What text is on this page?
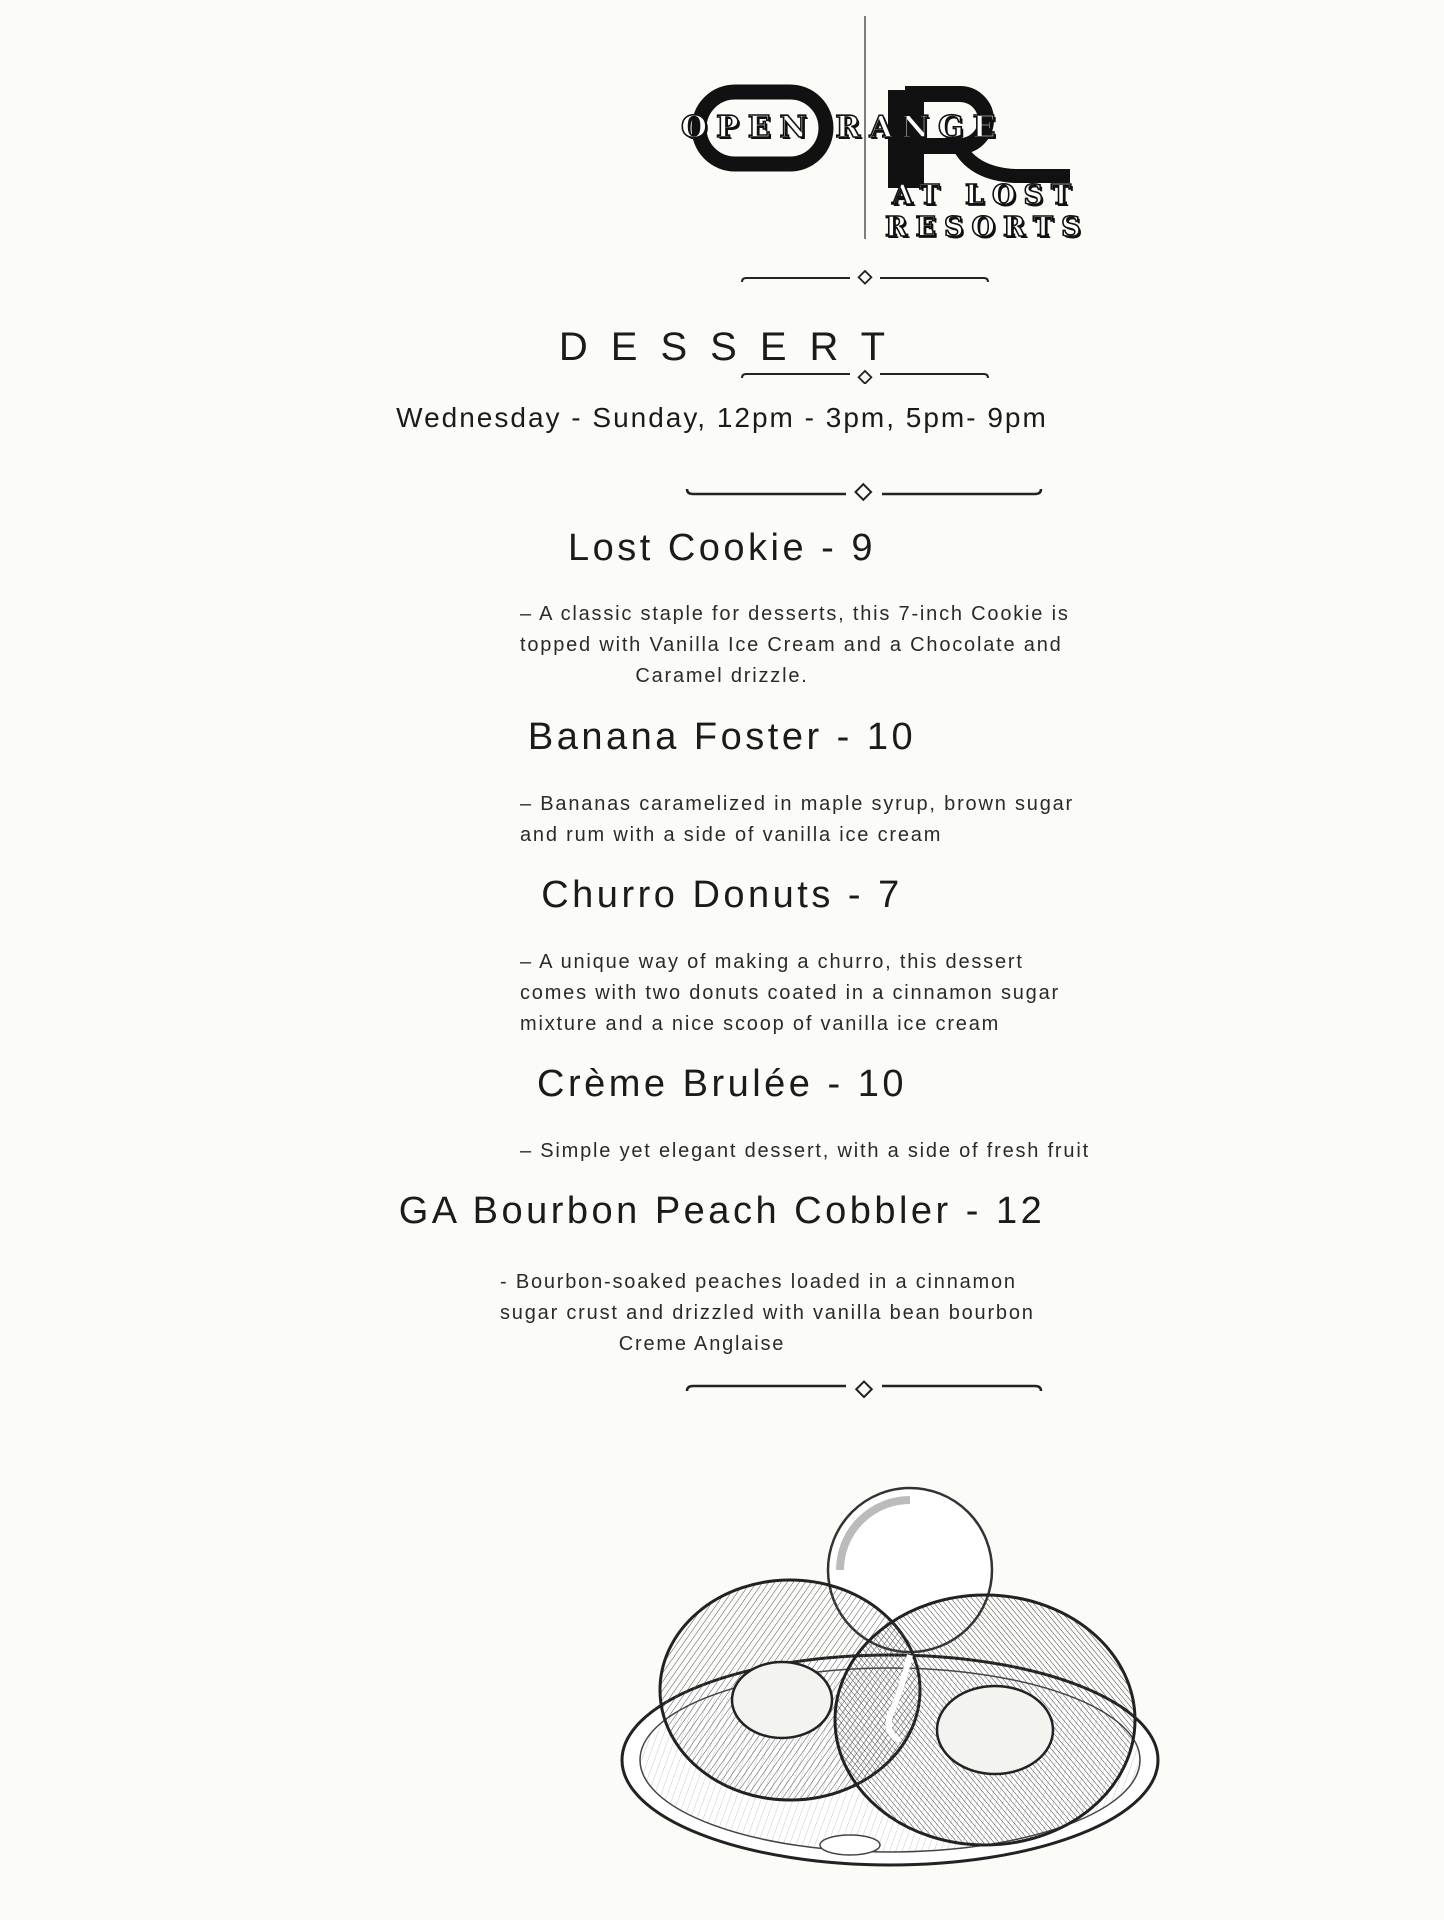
OPEN RANGE
AT LOST
RESORTS
DESSERT
Wednesday - Sunday, 12pm - 3pm, 5pm- 9pm
Lost Cookie - 9

– A classic staple for desserts, this 7-inch Cookie is
topped with Vanilla Ice Cream and a Chocolate and
Caramel drizzle.

Banana Foster - 10

– Bananas caramelized in maple syrup, brown sugar
and rum with a side of vanilla ice cream

Churro Donuts - 7

– A unique way of making a churro, this dessert
comes with two donuts coated in a cinnamon sugar
mixture and a nice scoop of vanilla ice cream

Crème Brulée - 10

– Simple yet elegant dessert, with a side of fresh fruit

GA Bourbon Peach Cobbler - 12

- Bourbon-soaked peaches loaded in a cinnamon
sugar crust and drizzled with vanilla bean bourbon
Creme Anglaise
